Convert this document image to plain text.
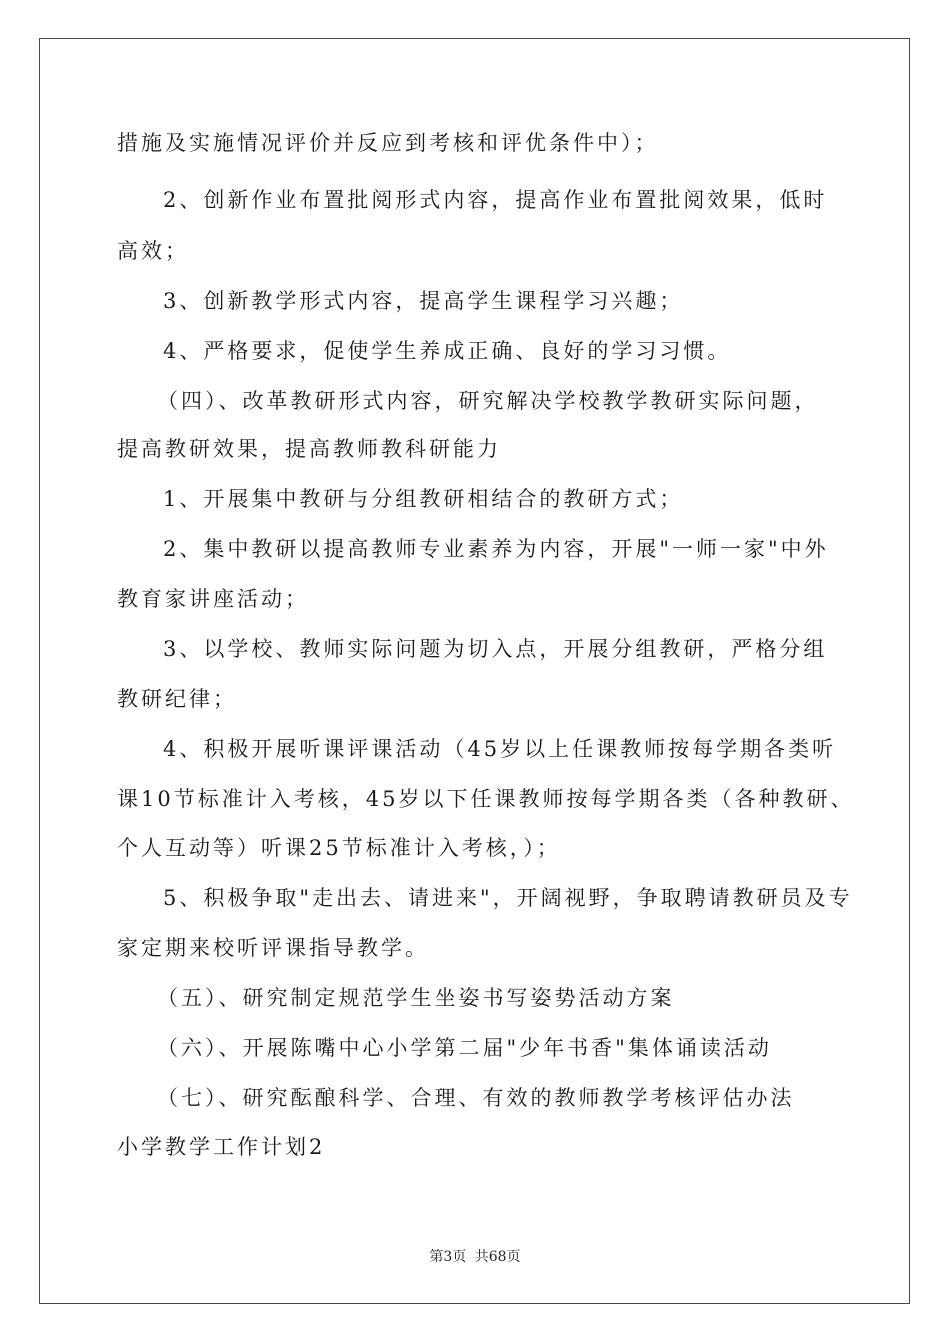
措施及实施情况评价并反应到考核和评优条件中）；
2、创新作业布置批阅形式内容，提高作业布置批阅效果，低时
高效；
3、创新教学形式内容，提高学生课程学习兴趣；
4、严格要求，促使学生养成正确、良好的学习习惯。
（四）、改革教研形式内容，研究解决学校教学教研实际问题，
提高教研效果，提高教师教科研能力
1、开展集中教研与分组教研相结合的教研方式；
2、集中教研以提高教师专业素养为内容，开展"一师一家"中外
教育家讲座活动；
3、以学校、教师实际问题为切入点，开展分组教研，严格分组
教研纪律；
4、积极开展听课评课活动（45岁以上任课教师按每学期各类听
课10节标准计入考核，45岁以下任课教师按每学期各类（各种教研、
个人互动等）听课25节标准计入考核，）；
5、积极争取"走出去、请进来"，开阔视野，争取聘请教研员及专
家定期来校听评课指导教学。
（五）、研究制定规范学生坐姿书写姿势活动方案
（六）、开展陈嘴中心小学第二届"少年书香"集体诵读活动
（七）、研究酝酿科学、合理、有效的教师教学考核评估办法
小学教学工作计划2
第3页 共68页
